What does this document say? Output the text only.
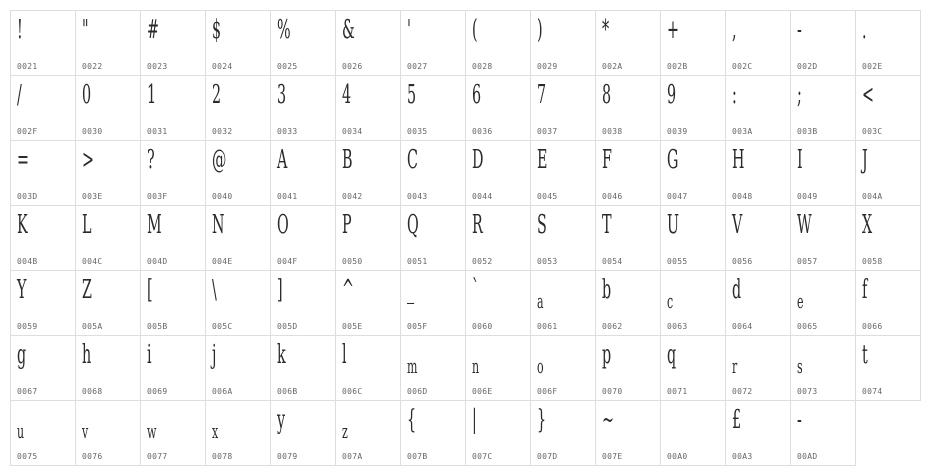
!
0021
"
0022
#
0023
$
0024
%
0025
&
0026
'
0027
(
0028
)
0029
*
002A
+
002B
,
002C
-
002D
.
002E
/
002F
0
0030
1
0031
2
0032
3
0033
4
0034
5
0035
6
0036
7
0037
8
0038
9
0039
:
003A
;
003B
<
003C
=
003D
>
003E
?
003F
@
0040
A
0041
B
0042
C
0043
D
0044
E
0045
F
0046
G
0047
H
0048
I
0049
J
004A
K
004B
L
004C
M
004D
N
004E
O
004F
P
0050
Q
0051
R
0052
S
0053
T
0054
U
0055
V
0056
W
0057
X
0058
Y
0059
Z
005A
[
005B
\
005C
]
005D
^
005E
_
005F
`
0060
a
0061
b
0062
c
0063
d
0064
e
0065
f
0066
g
0067
h
0068
i
0069
j
006A
k
006B
l
006C
m
006D
n
006E
o
006F
p
0070
q
0071
r
0072
s
0073
t
0074
u
0075
v
0076
w
0077
x
0078
y
0079
z
007A
{
007B
|
007C
}
007D
~
007E	00A0
£
00A3
-
00AD
